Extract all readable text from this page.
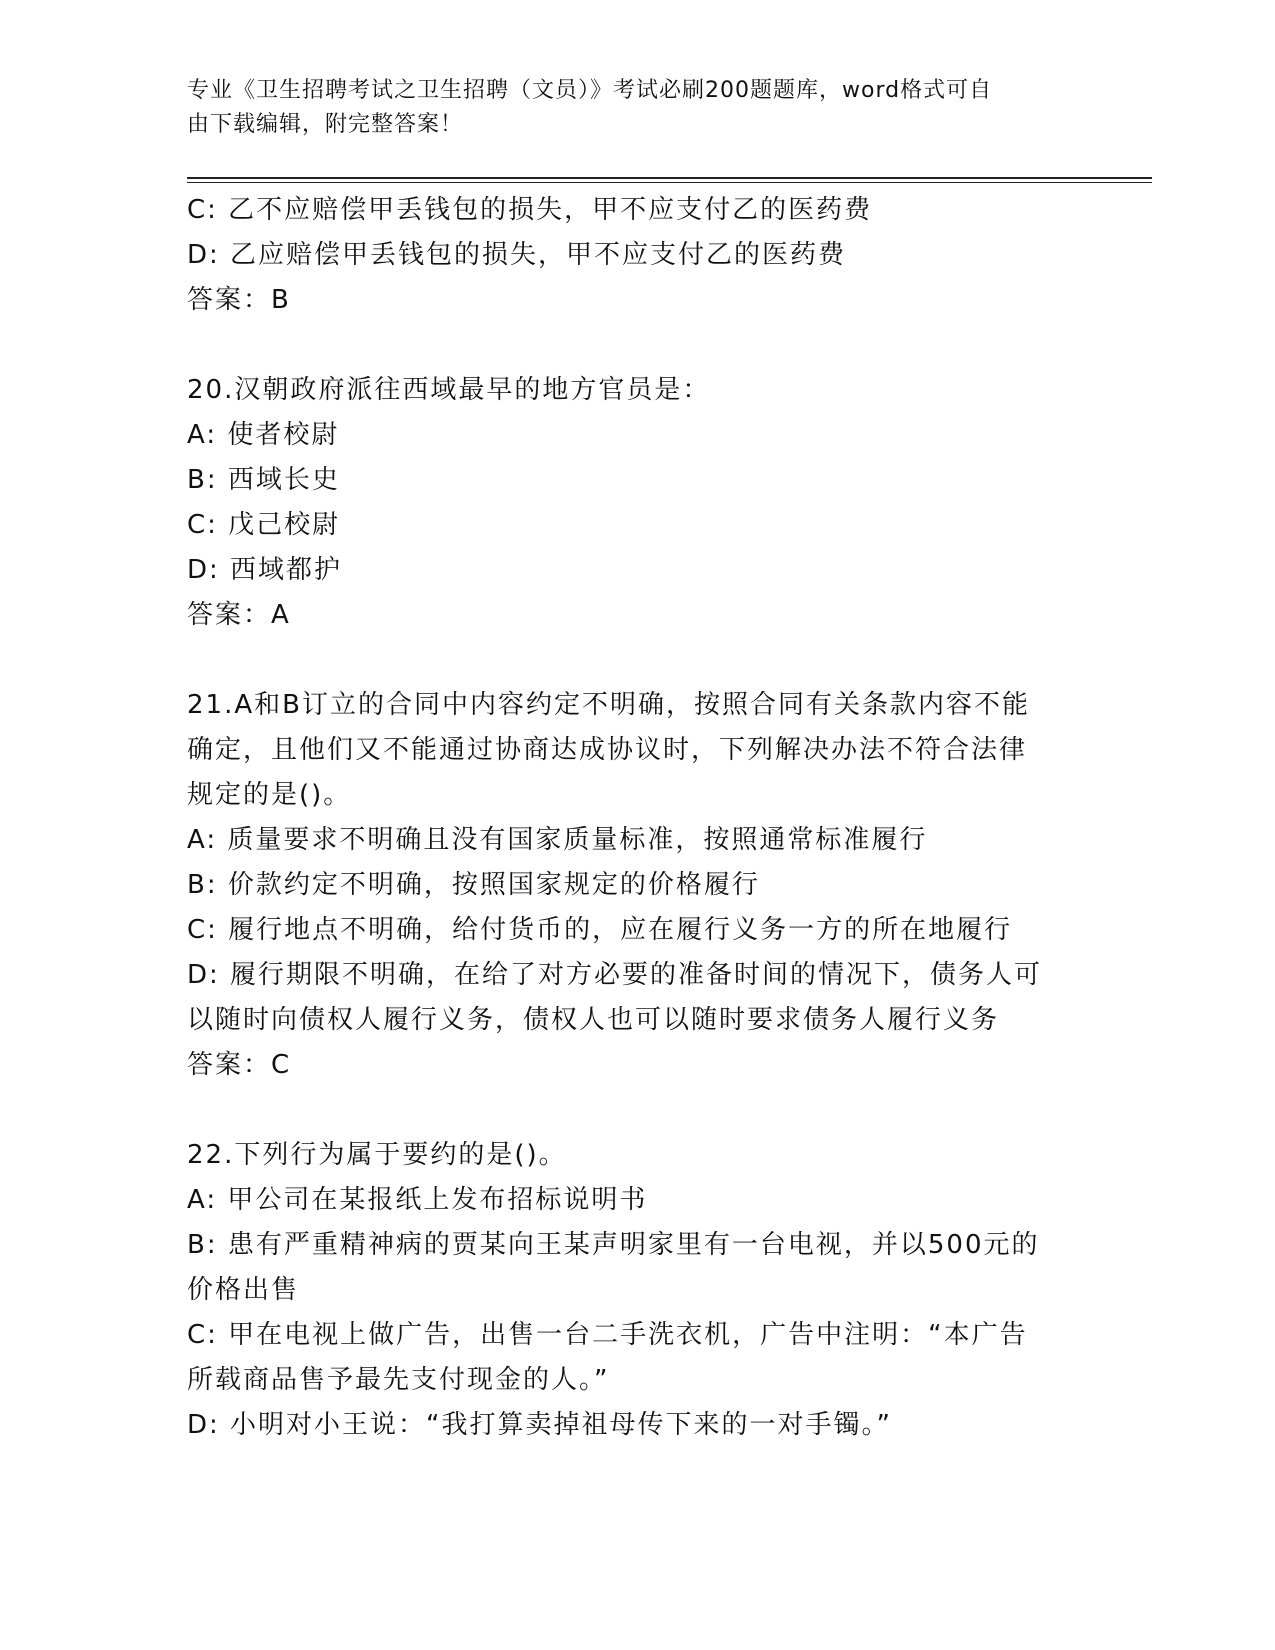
专业《卫生招聘考试之卫生招聘（文员）》考试必刷200题题库，word格式可自
由下载编辑，附完整答案！
C: 乙不应赔偿甲丢钱包的损失，甲不应支付乙的医药费
D: 乙应赔偿甲丢钱包的损失，甲不应支付乙的医药费
答案：B
20.汉朝政府派往西域最早的地方官员是：
A: 使者校尉
B: 西域长史
C: 戊己校尉
D: 西域都护
答案：A
21.A和B订立的合同中内容约定不明确，按照合同有关条款内容不能
确定，且他们又不能通过协商达成协议时，下列解决办法不符合法律
规定的是()。
A: 质量要求不明确且没有国家质量标准，按照通常标准履行
B: 价款约定不明确，按照国家规定的价格履行
C: 履行地点不明确，给付货币的，应在履行义务一方的所在地履行
D: 履行期限不明确，在给了对方必要的准备时间的情况下，债务人可
以随时向债权人履行义务，债权人也可以随时要求债务人履行义务
答案：C
22.下列行为属于要约的是()。
A: 甲公司在某报纸上发布招标说明书
B: 患有严重精神病的贾某向王某声明家里有一台电视，并以500元的
价格出售
C: 甲在电视上做广告，出售一台二手洗衣机，广告中注明：“本广告
所载商品售予最先支付现金的人。”
D: 小明对小王说：“我打算卖掉祖母传下来的一对手镯。”
